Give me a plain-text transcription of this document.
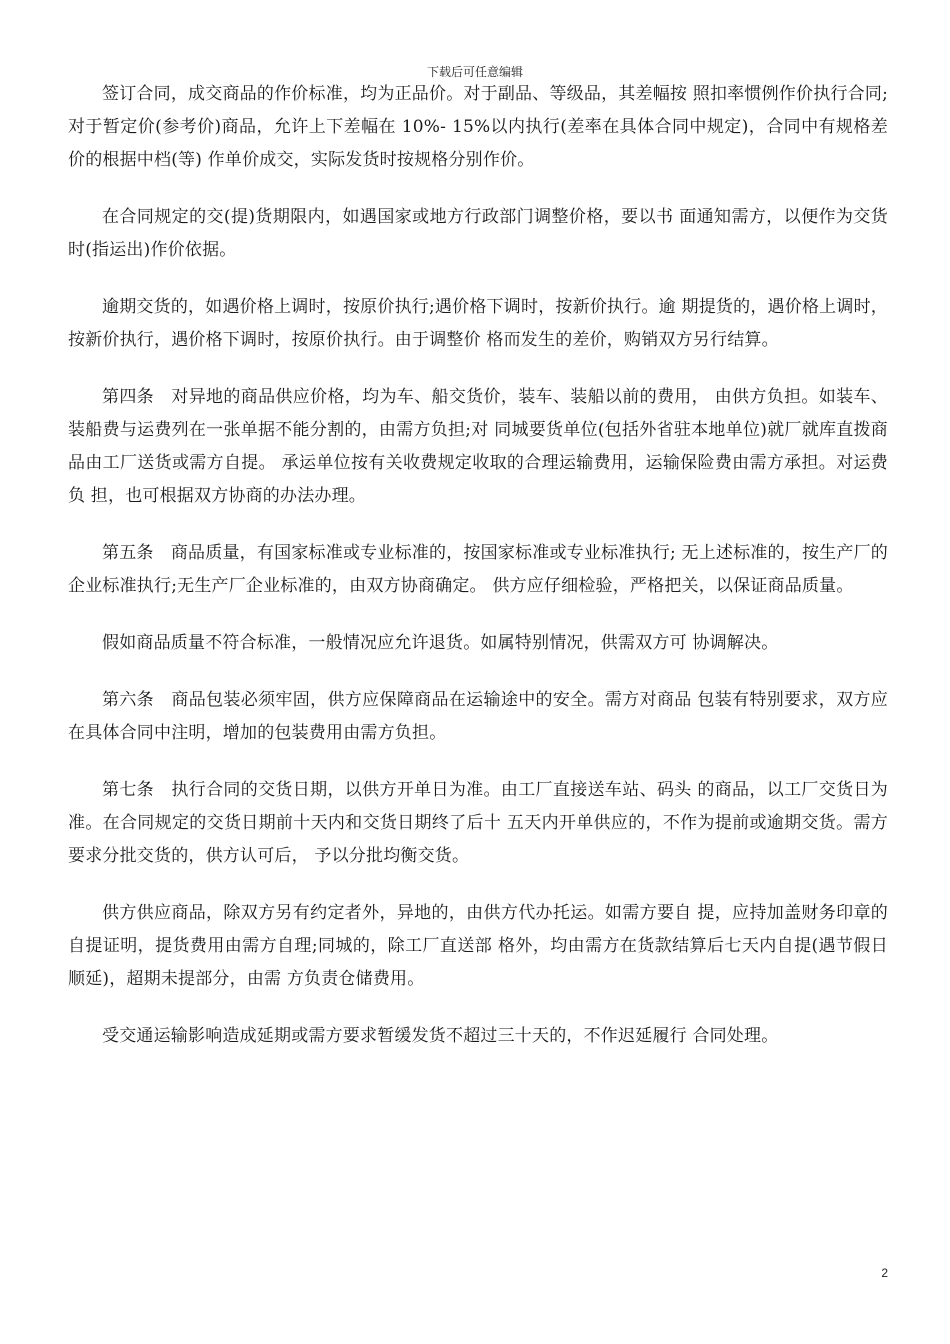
下载后可任意编辑

签订合同，成交商品的作价标准，均为正品价。对于副品、等级品，其差幅按 照扣率惯例作价执行合同;对于暂定价(参考价)商品，允许上下差幅在 10%- 15%以内执行(差率在具体合同中规定)，合同中有规格差价的根据中档(等) 作单价成交，实际发货时按规格分别作价。

在合同规定的交(提)货期限内，如遇国家或地方行政部门调整价格，要以书 面通知需方，以便作为交货时(指运出)作价依据。

逾期交货的，如遇价格上调时，按原价执行;遇价格下调时，按新价执行。逾 期提货的，遇价格上调时，按新价执行，遇价格下调时，按原价执行。由于调整价 格而发生的差价，购销双方另行结算。

第四条　对异地的商品供应价格，均为车、船交货价，装车、装船以前的费用， 由供方负担。如装车、装船费与运费列在一张单据不能分割的，由需方负担;对 同城要货单位(包括外省驻本地单位)就厂就库直拨商品由工厂送货或需方自提。 承运单位按有关收费规定收取的合理运输费用，运输保险费由需方承担。对运费负 担，也可根据双方协商的办法办理。

第五条　商品质量，有国家标准或专业标准的，按国家标准或专业标准执行; 无上述标准的，按生产厂的企业标准执行;无生产厂企业标准的，由双方协商确定。 供方应仔细检验，严格把关，以保证商品质量。

假如商品质量不符合标准，一般情况应允许退货。如属特别情况，供需双方可 协调解决。

第六条　商品包装必须牢固，供方应保障商品在运输途中的安全。需方对商品 包装有特别要求，双方应在具体合同中注明，增加的包装费用由需方负担。

第七条　执行合同的交货日期，以供方开单日为准。由工厂直接送车站、码头 的商品，以工厂交货日为准。在合同规定的交货日期前十天内和交货日期终了后十 五天内开单供应的，不作为提前或逾期交货。需方要求分批交货的，供方认可后， 予以分批均衡交货。

供方供应商品，除双方另有约定者外，异地的，由供方代办托运。如需方要自 提，应持加盖财务印章的自提证明，提货费用由需方自理;同城的，除工厂直送部 格外，均由需方在货款结算后七天内自提(遇节假日顺延)，超期未提部分，由需 方负责仓储费用。

受交通运输影响造成延期或需方要求暂缓发货不超过三十天的，不作迟延履行 合同处理。

2
